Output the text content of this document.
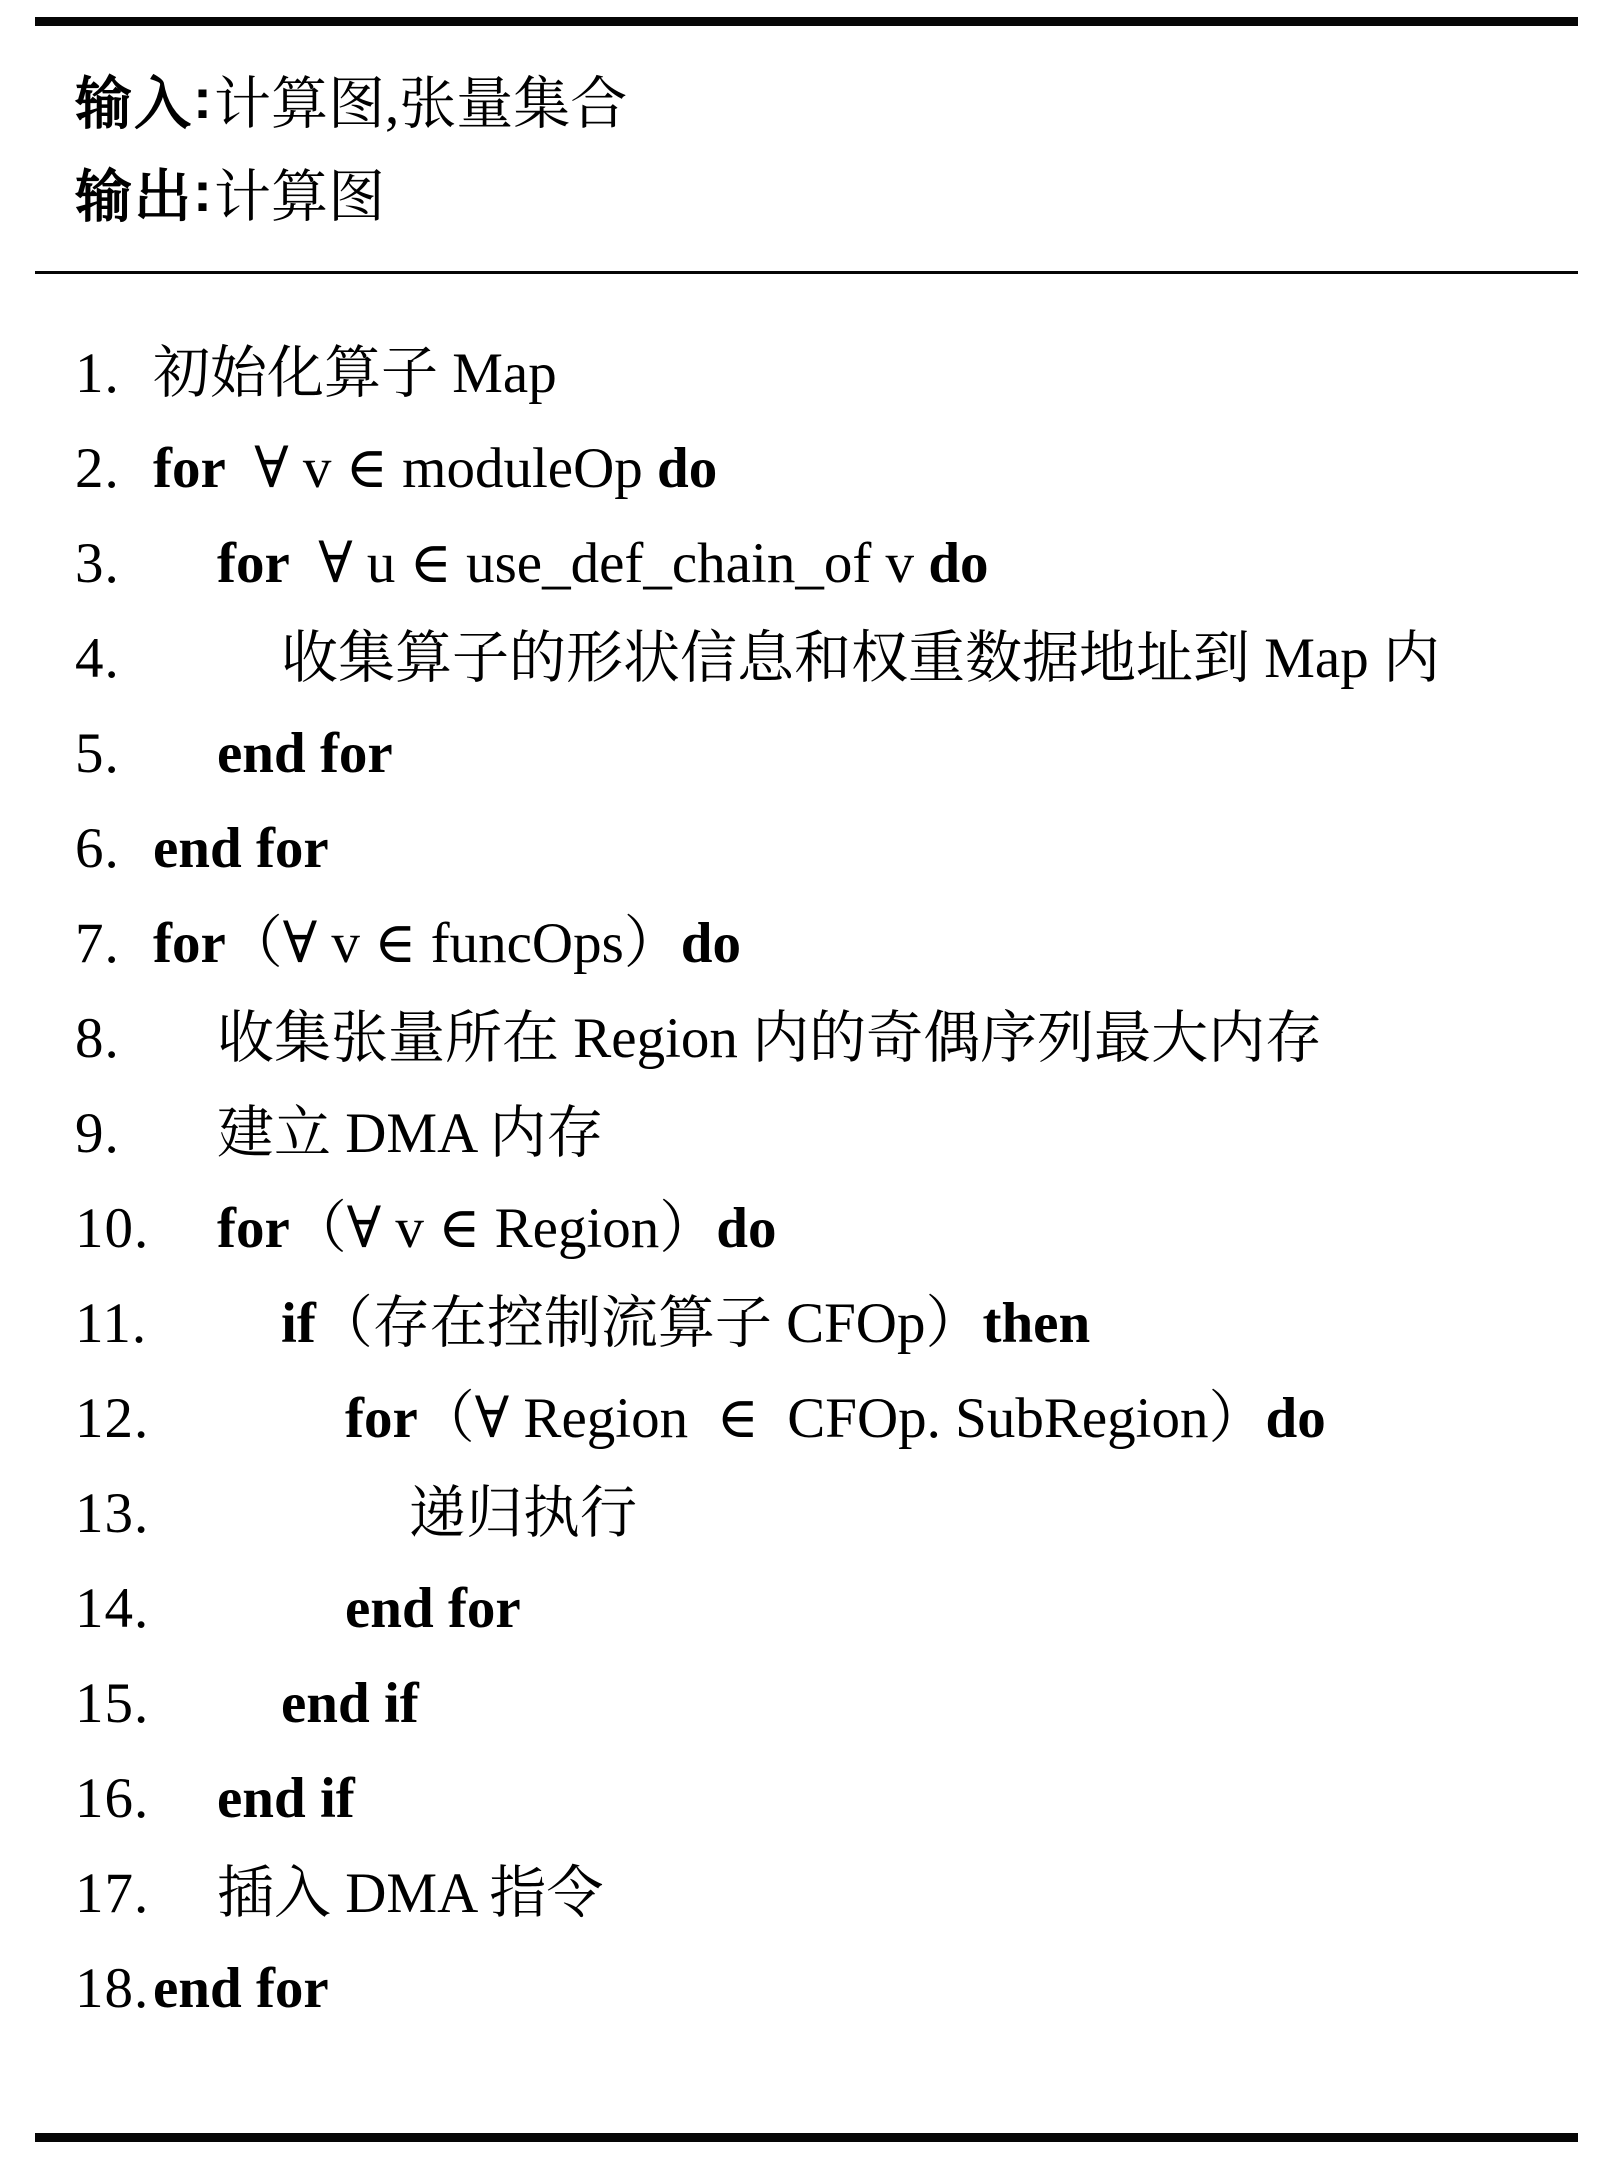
输入 : 计算图,张量集合
输出 : 计算图
1. 初始化算子 Map
2. for  ∀ v ∈ moduleOp do
3.	for  ∀ u ∈ use_def_chain_of v do
4.	收集算子的形状信息和权重数据地址到 Map 内
5.	end for
6. end for
7. for（∀ v ∈ funcOps）do
8.	收集张量所在 Region 内的奇偶序列最大内存
9.	建立 DMA 内存
10.	for（∀ v ∈ Region）do
11.	if（存在控制流算子 CFOp）then
12.	for（∀ Region  ∈  CFOp. SubRegion）do
13.	递归执行
14.	end for
15.	end if
16.	end if
17.	插入 DMA 指令
18. end for
